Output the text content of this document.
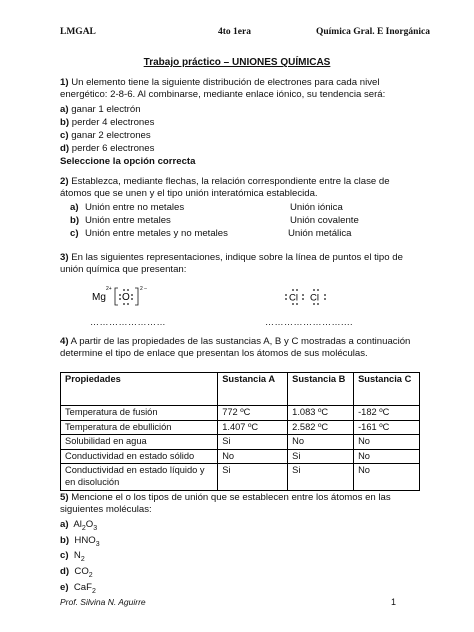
LMGAL	4to 1era	Química Gral. E Inorgánica
Trabajo práctico – UNIONES QUÍMICAS

1) Un elemento tiene la siguiente distribución de electrones para cada nivel energético: 2-8-6. Al combinarse, mediante enlace iónico, su tendencia será:

a) ganar 1 electrón

b) perder 4 electrones

c) ganar 2 electrones

d) perder 6 electrones

Seleccione la opción correcta

2) Establezca, mediante flechas, la relación correspondiente entre la clase de átomos que se unen y el tipo unión interatómica establecida.

a) Unión entre no metales	Unión iónica
b) Unión entre metales	Unión covalente
c) Unión entre metales y no metales	Unión metálica

3) En las siguientes representaciones, indique sobre la línea de puntos el tipo de unión química que presentan:

Mg
2+
O
2 –
Cl Cl
……………………	……………………....

4) A partir de las propiedades de las sustancias A, B y C mostradas a continuación determine el tipo de enlace que presentan los átomos de sus moléculas.

Propiedades	Sustancia A	Sustancia B	Sustancia C
Temperatura de fusión	772 ºC	1.083 ºC	-182 ºC
Temperatura de ebullición	1.407 ºC	2.582 ºC	-161 ºC
Solubilidad en agua	Si	No	No
Conductividad en estado sólido	No	Si	No
Conductividad en estado líquido y en disolución	Si	Si	No

5) Mencione el o los tipos de unión que se establecen entre los átomos en las siguientes moléculas:

a) $Al_2O_3$

b) $HNO_3$

c) $N_2$

d) $CO_2$

e) CaF$_2$

Prof. Silvina N. Aguirre	1
